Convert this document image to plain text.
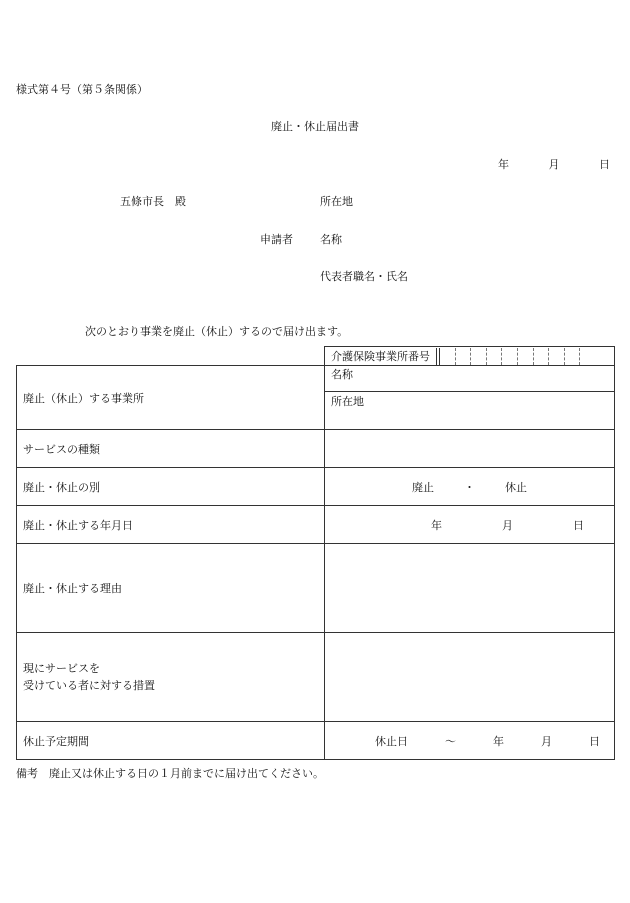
様式第４号（第５条関係）
廃止・休止届出書
年	月	日
五條市長　殿	所在地
申請者 名称
代表者職名・氏名
次のとおり事業を廃止（休止）するので届け出ます。

	介護保険事業所番号

廃止（休止）する事業所	名称
所在地

サービスの種類	
廃止・休止の別	廃止 ・ 休止

廃止・休止する年月日	年 月 日

廃止・休止する理由	

現にサービスを
受けている者に対する措置	

休止予定期間	休止日 ～ 年 月 日
備考　廃止又は休止する日の１月前までに届け出てください。
